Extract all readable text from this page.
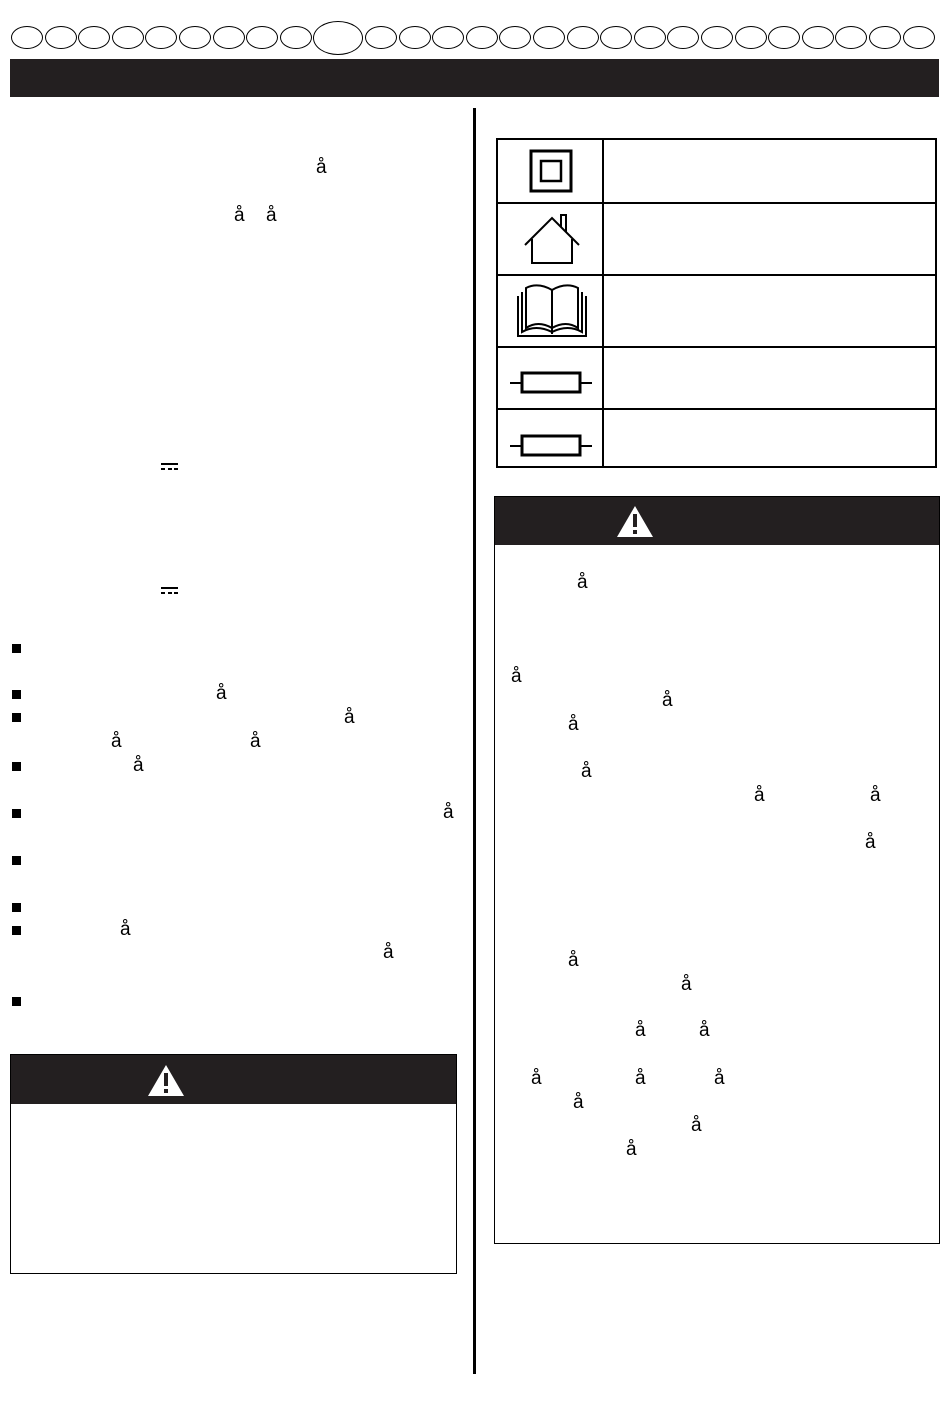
å
å å
å
å
å	å
å
å
å
å
å
å
å
å
å
å	å
å
å
å
å	å
å	å	å
å
å
å
